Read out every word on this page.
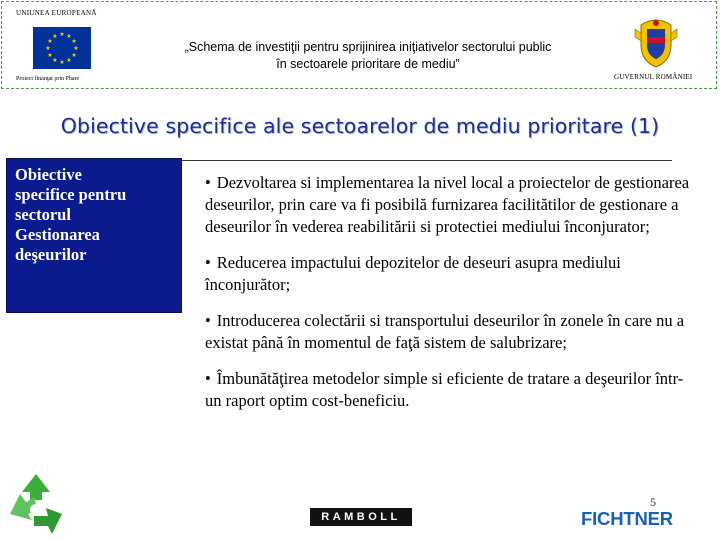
UNIUNEA EUROPEANĂ
★ ★
★
★
★
★
★
★
★
★
★
★
Proiect finanţat prin Phare
„Schema de investiţii pentru sprijinirea iniţiativelor sectorului public
în sectoarele prioritare de mediu”
GUVERNUL ROMÂNIEI
Obiective specifice ale sectoarelor de mediu prioritare (1)
Obiective
specifice pentru
sectorul
Gestionarea
deşeurilor
• Dezvoltarea si implementarea la nivel local a proiectelor de gestionarea deseurilor, prin care va fi posibilă furnizarea facilitătilor de gestionare a deseurilor în vederea reabilitării si protectiei mediului înconjurator;
• Reducerea impactului depozitelor de deseuri asupra mediului înconjurător;
• Introducerea colectării si transportului deseurilor în zonele în care nu a existat până în momentul de faţă sistem de salubrizare;
• Îmbunătăţirea metodelor simple si eficiente de tratare a deşeurilor într-un raport optim cost-beneficiu.
5
RAMBOLL	FICHTNER
